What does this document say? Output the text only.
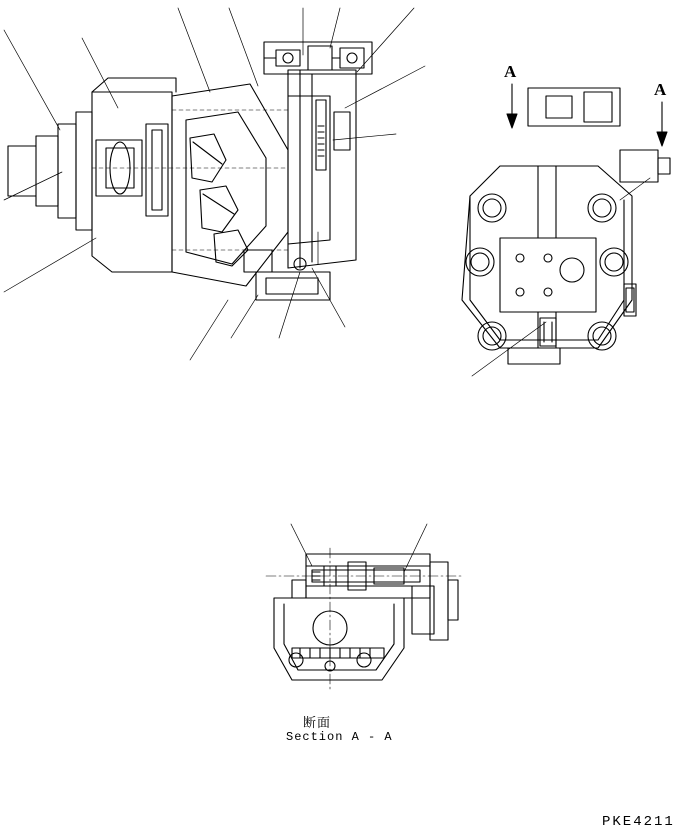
A
A
断面
Section A - A
PKE4211
